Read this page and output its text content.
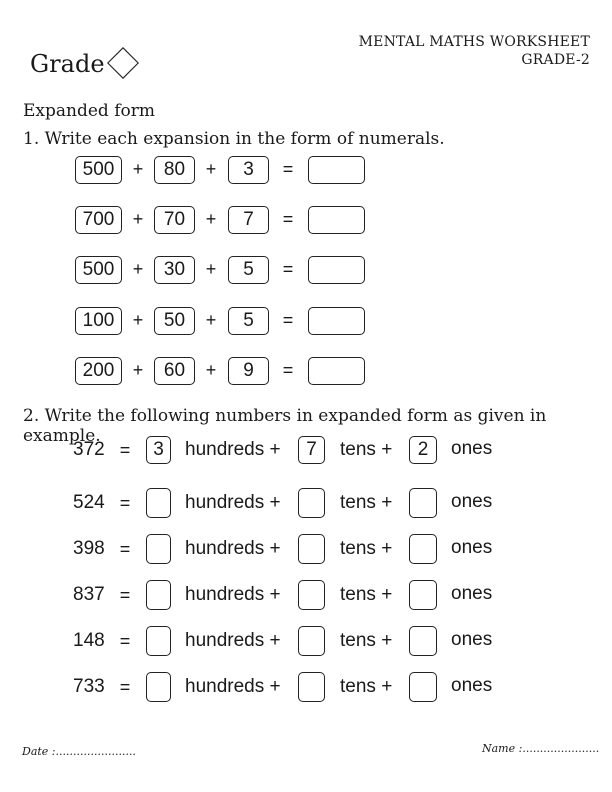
Grade
MENTAL MATHS WORKSHEET
GRADE-2
Expanded form
1. Write each expansion in the form of numerals.
500	+	80	+	3	=
700	+	70	+	7	=
500	+	30	+	5	=
100	+	50	+	5	=
200	+	60	+	9	=
2. Write the following numbers in expanded form as given in example.
372 =	3	hundreds +	7	tens +	2	ones
524 =	hundreds +	tens +	ones
398 =	hundreds +	tens +	ones
837 =	hundreds +	tens +	ones
148 =	hundreds +	tens +	ones
733 =	hundreds +	tens +	ones
Date :.......................	Name :......................
